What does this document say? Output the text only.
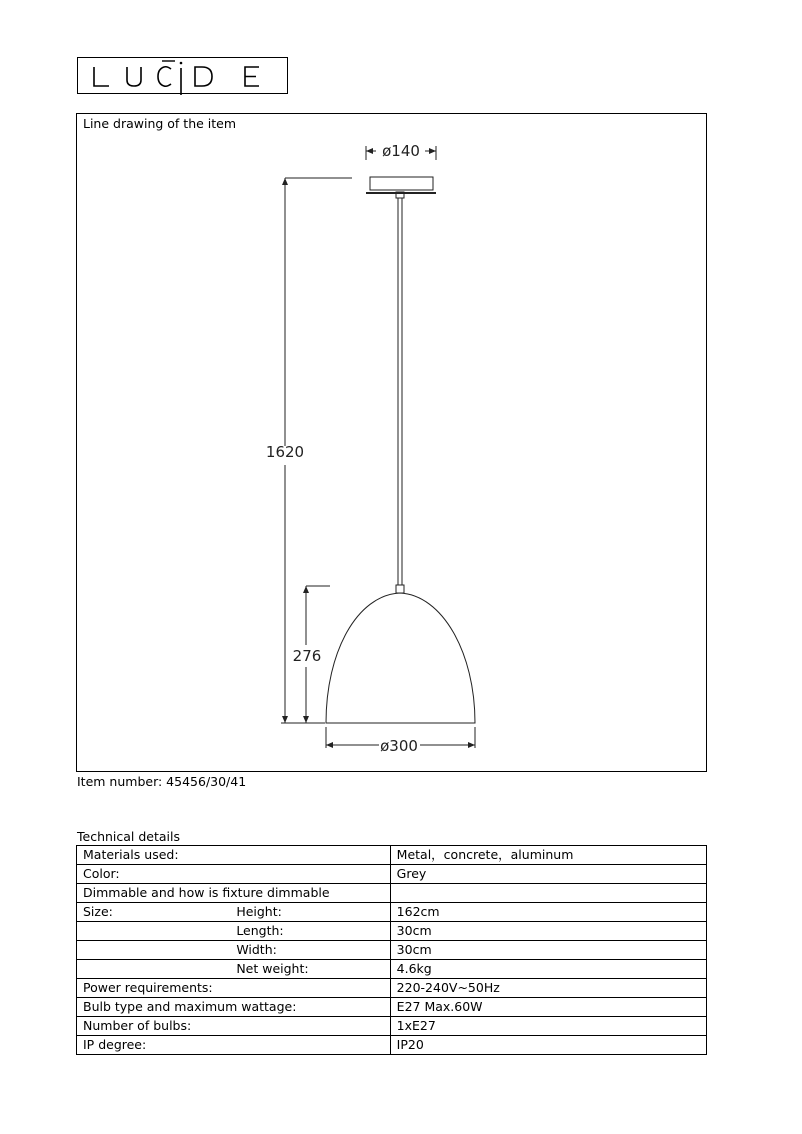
Line drawing of the item
ø140
1620
276
ø300
Item number: 45456/30/41
Technical details
Materials used:		Metal，concrete，aluminum
Color:		Grey
Dimmable and how is fixture dimmable		
Size:	Height:	162cm
	Length:	30cm
	Width:	30cm
	Net weight:	4.6kg
Power requirements:		220-240V~50Hz
Bulb type and maximum wattage:		E27 Max.60W
Number of bulbs:		1xE27
IP degree:		IP20
